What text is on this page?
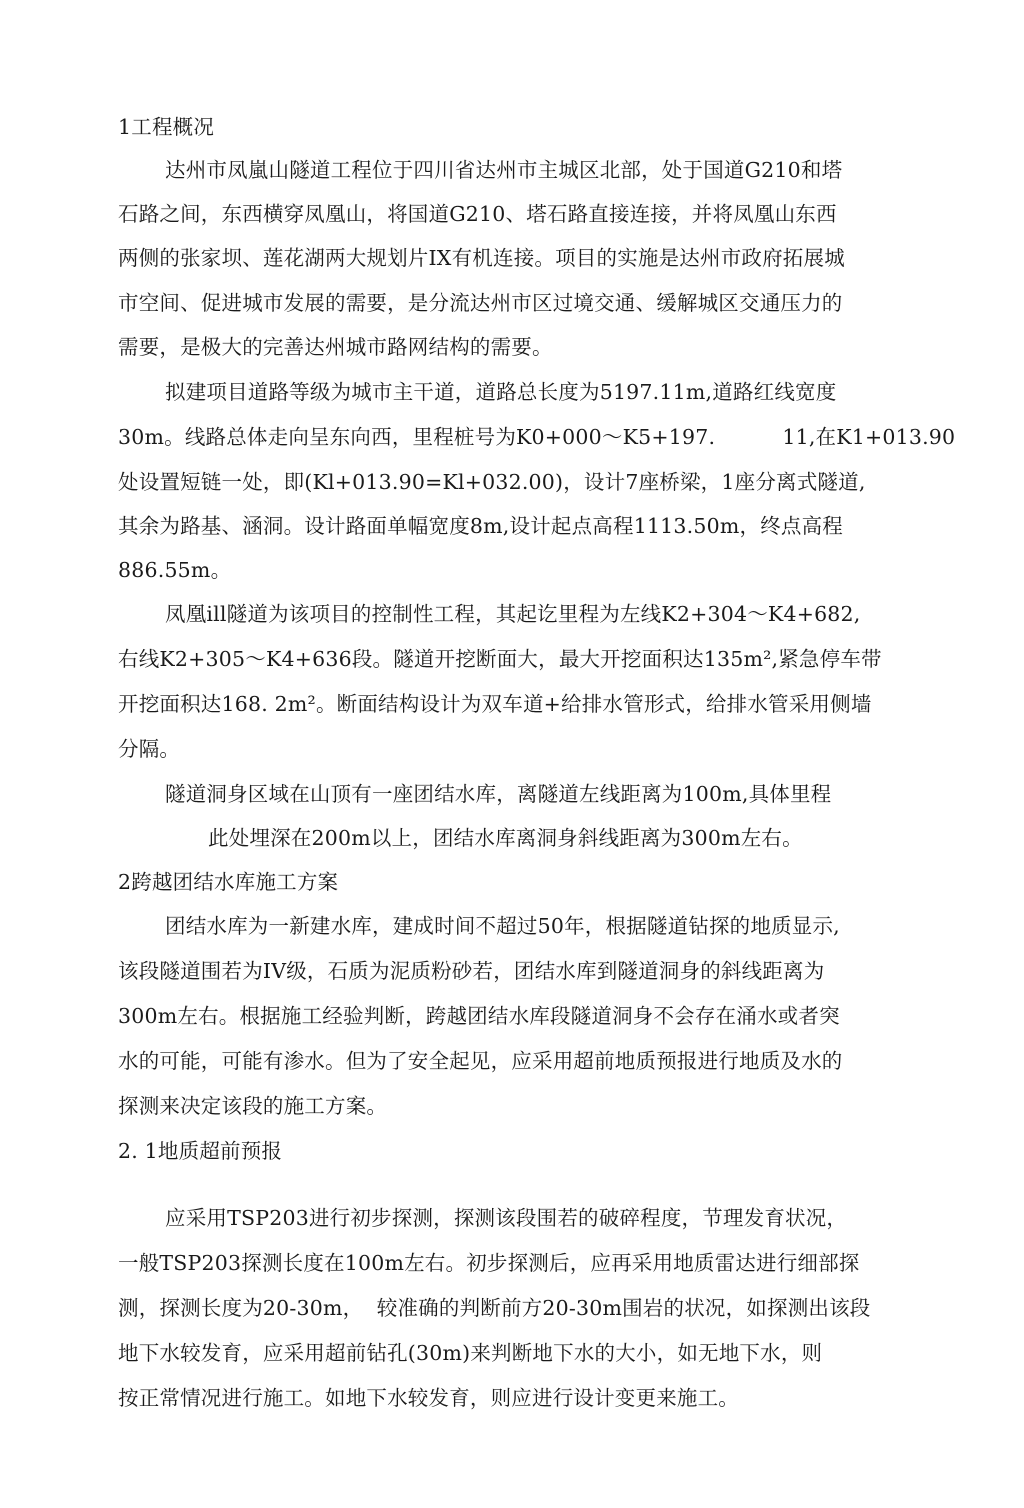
1工程概况
达州市凤嵐山隧道工程位于四川省达州市主城区北部，处于国道G210和塔
石路之间，东西横穿凤凰山，将国道G210、塔石路直接连接，并将凤凰山东西
两侧的张家坝、莲花湖两大规划片IX有机连接。项目的实施是达州市政府拓展城
市空间、促进城市发展的需要，是分流达州市区过境交通、缓解城区交通压力的
需要，是极大的完善达州城市路网结构的需要。
拟建项目道路等级为城市主干道，道路总长度为5197.11m,道路红线宽度
30m。线路总体走向呈东向西，里程桩号为K0+000～K5+197.          11,在K1+013.90
处设置短链一处，即(Kl+013.90=Kl+032.00)，设计7座桥梁，1座分离式隧道,
其余为路基、涵洞。设计路面单幅宽度8m,设计起点高程1113.50m，终点高程
886.55m。
凤凰ill隧道为该项目的控制性工程，其起讫里程为左线K2+304～K4+682,
右线K2+305～K4+636段。隧道开挖断面大，最大开挖面积达135m²,紧急停车带
开挖面积达168. 2m²。断面结构设计为双车道+给排水管形式，给排水管采用侧墙
分隔。
隧道洞身区域在山顶有一座团结水库，离隧道左线距离为100m,具体里程
此处埋深在200m以上，团结水库离洞身斜线距离为300m左右。
2跨越团结水库施工方案
团结水库为一新建水库，建成时间不超过50年，根据隧道钻探的地质显示,
该段隧道围若为IV级，石质为泥质粉砂若，团结水库到隧道洞身的斜线距离为
300m左右。根据施工经验判断，跨越团结水库段隧道洞身不会存在涌水或者突
水的可能，可能有渗水。但为了安全起见，应采用超前地质预报进行地质及水的
探测来决定该段的施工方案。
2. 1地质超前预报
应采用TSP203进行初步探测，探测该段围若的破碎程度，节理发育状况，
一般TSP203探测长度在100m左右。初步探测后，应再采用地质雷达进行细部探
测，探测长度为20-30m，  较准确的判断前方20-30m围岩的状况，如探测出该段
地下水较发育，应采用超前钻孔(30m)来判断地下水的大小，如无地下水，则
按正常情况进行施工。如地下水较发育，则应进行设计变更来施工。
